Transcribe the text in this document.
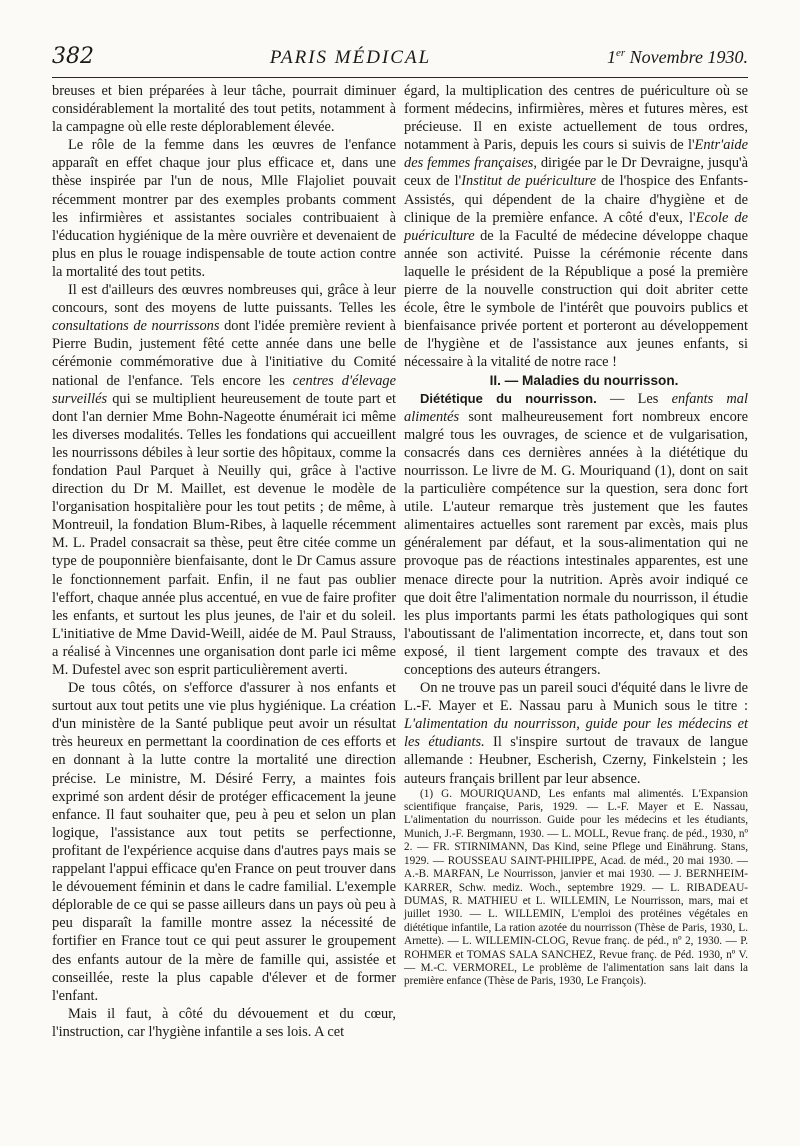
382	PARIS MÉDICAL	1er Novembre 1930.

breuses et bien préparées à leur tâche, pourrait diminuer considérablement la mortalité des tout petits, notamment à la campagne où elle reste déplorablement élevée.

Le rôle de la femme dans les œuvres de l'enfance apparaît en effet chaque jour plus efficace et, dans une thèse inspirée par l'un de nous, Mlle Flajoliet pouvait récemment montrer par des exemples probants comment les infirmières et assistantes sociales contribuaient à l'éducation hygiénique de la mère ouvrière et devenaient de plus en plus le rouage indispensable de toute action contre la mortalité des tout petits.

Il est d'ailleurs des œuvres nombreuses qui, grâce à leur concours, sont des moyens de lutte puissants. Telles les consultations de nourrissons dont l'idée première revient à Pierre Budin, justement fêté cette année dans une belle cérémonie commémorative due à l'initiative du Comité national de l'enfance. Tels encore les centres d'élevage surveillés qui se multiplient heureusement de toute part et dont l'an dernier Mme Bohn-Nageotte énumérait ici même les diverses modalités. Telles les fondations qui accueillent les nourrissons débiles à leur sortie des hôpitaux, comme la fondation Paul Parquet à Neuilly qui, grâce à l'active direction du Dr M. Maillet, est devenue le modèle de l'organisation hospitalière pour les tout petits ; de même, à Montreuil, la fondation Blum-Ribes, à laquelle récemment M. L. Pradel consacrait sa thèse, peut être citée comme un type de pouponnière bienfaisante, dont le Dr Camus assure le fonctionnement parfait. Enfin, il ne faut pas oublier l'effort, chaque année plus accentué, en vue de faire profiter les enfants, et surtout les plus jeunes, de l'air et du soleil. L'initiative de Mme David-Weill, aidée de M. Paul Strauss, a réalisé à Vincennes une organisation dont parle ici même M. Dufestel avec son esprit particulièrement averti.

De tous côtés, on s'efforce d'assurer à nos enfants et surtout aux tout petits une vie plus hygiénique. La création d'un ministère de la Santé publique peut avoir un résultat très heureux en permettant la coordination de ces efforts et en donnant à la lutte contre la mortalité une direction précise. Le ministre, M. Désiré Ferry, a maintes fois exprimé son ardent désir de protéger efficacement la jeune enfance. Il faut souhaiter que, peu à peu et selon un plan logique, l'assistance aux tout petits se perfectionne, profitant de l'expérience acquise dans d'autres pays mais se rappelant l'appui efficace qu'en France on peut trouver dans le dévouement féminin et dans le cadre familial. L'exemple déplorable de ce qui se passe ailleurs dans un pays où peu à peu disparaît la famille montre assez la nécessité de fortifier en France tout ce qui peut assurer le groupement des enfants autour de la mère de famille qui, assistée et conseillée, reste la plus capable d'élever et de former l'enfant.

Mais il faut, à côté du dévouement et du cœur, l'instruction, car l'hygiène infantile a ses lois. A cet

égard, la multiplication des centres de puériculture où se forment médecins, infirmières, mères et futures mères, est précieuse. Il en existe actuellement de tous ordres, notamment à Paris, depuis les cours si suivis de l'Entr'aide des femmes françaises, dirigée par le Dr Devraigne, jusqu'à ceux de l'Institut de puériculture de l'hospice des Enfants-Assistés, qui dépendent de la chaire d'hygiène et de clinique de la première enfance. A côté d'eux, l'Ecole de puériculture de la Faculté de médecine développe chaque année son activité. Puisse la cérémonie récente dans laquelle le président de la République a posé la première pierre de la nouvelle construction qui doit abriter cette école, être le symbole de l'intérêt que pouvoirs publics et bienfaisance privée portent et porteront au développement de l'hygiène et de l'assistance aux jeunes enfants, si nécessaire à la vitalité de notre race !

II. — Maladies du nourrisson.

Diététique du nourrisson. — Les enfants mal alimentés sont malheureusement fort nombreux encore malgré tous les ouvrages, de science et de vulgarisation, consacrés dans ces dernières années à la diététique du nourrisson. Le livre de M. G. Mouriquand (1), dont on sait la particulière compétence sur la question, sera donc fort utile. L'auteur remarque très justement que les fautes alimentaires actuelles sont rarement par excès, mais plus généralement par défaut, et la sous-alimentation qui ne provoque pas de réactions intestinales apparentes, est une menace directe pour la nutrition. Après avoir indiqué ce que doit être l'alimentation normale du nourrisson, il étudie les plus importants parmi les états pathologiques qui sont l'aboutissant de l'alimentation incorrecte, et, dans tout son exposé, il tient largement compte des travaux et des conceptions des auteurs étrangers.

On ne trouve pas un pareil souci d'équité dans le livre de L.-F. Mayer et E. Nassau paru à Munich sous le titre : L'alimentation du nourrisson, guide pour les médecins et les étudiants. Il s'inspire surtout de travaux de langue allemande : Heubner, Escherish, Czerny, Finkelstein ; les auteurs français brillent par leur absence.

(1) G. MOURIQUAND, Les enfants mal alimentés. L'Expansion scientifique française, Paris, 1929. — L.-F. Mayer et E. Nassau, L'alimentation du nourrisson. Guide pour les médecins et les étudiants, Munich, J.-F. Bergmann, 1930. — L. MOLL, Revue franç. de péd., 1930, nº 2. — FR. STIRNIMANN, Das Kind, seine Pflege und Einährung. Stans, 1929. — ROUSSEAU SAINT-PHILIPPE, Acad. de méd., 20 mai 1930. — A.-B. MARFAN, Le Nourrisson, janvier et mai 1930. — J. BERNHEIM-KARRER, Schw. mediz. Woch., septembre 1929. — L. RIBADEAU-DUMAS, R. MATHIEU et L. WILLEMIN, Le Nourrisson, mars, mai et juillet 1930. — L. WILLEMIN, L'emploi des protéines végétales en diététique infantile, La ration azotée du nourrisson (Thèse de Paris, 1930, L. Arnette). — L. WILLEMIN-CLOG, Revue franç. de péd., nº 2, 1930. — P. ROHMER et TOMAS SALA SANCHEZ, Revue franç. de Péd. 1930, nº V. — M.-C. VERMOREL, Le problème de l'alimentation sans lait dans la première enfance (Thèse de Paris, 1930, Le François).
